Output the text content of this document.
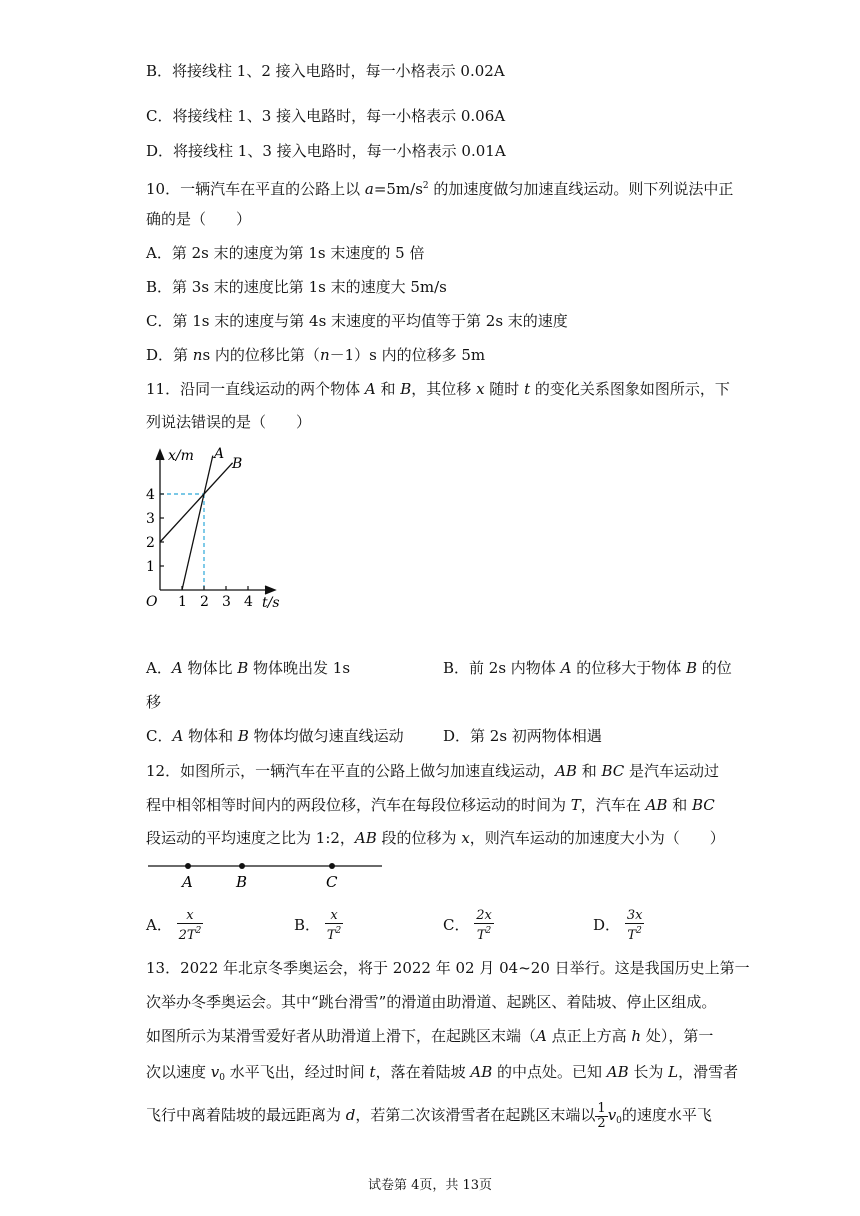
B．将接线柱 1、2 接入电路时，每一小格表示 0.02A
C．将接线柱 1、3 接入电路时，每一小格表示 0.06A
D．将接线柱 1、3 接入电路时，每一小格表示 0.01A
10．一辆汽车在平直的公路上以 $a=5m/s^2$ 的加速度做匀加速直线运动。则下列说法中正
确的是（　　）
A．第 2s 末的速度为第 1s 末速度的 5 倍
B．第 3s 末的速度比第 1s 末的速度大 5m/s
C．第 1s 末的速度与第 4s 末速度的平均值等于第 2s 末的速度
D．第 ns 内的位移比第（n－1）s 内的位移多 5m
11．沿同一直线运动的两个物体 A 和 B，其位移 x 随时 t 的变化关系图象如图所示，下
列说法错误的是（　　）
1
2
3
4
1 2 3 4
x/m
t/s
O
A
B
A．A 物体比 B 物体晚出发 1s	B．前 2s 内物体 A 的位移大于物体 B 的位
移
C．A 物体和 B 物体均做匀速直线运动	D．第 2s 初两物体相遇
12．如图所示，一辆汽车在平直的公路上做匀加速直线运动，AB 和 BC 是汽车运动过
程中相邻相等时间内的两段位移，汽车在每段位移运动的时间为 T，汽车在 AB 和 BC
段运动的平均速度之比为 1:2，AB 段的位移为 x，则汽车运动的加速度大小为（　　）
A	B	C
A． $\frac{x}{2T^2}$	B． $\frac{x}{T^2}$	C． $\frac{2x}{T^2}$	D． $\frac{3x}{T^2}$
13．2022 年北京冬季奥运会，将于 2022 年 02 月 04~20 日举行。这是我国历史上第一
次举办冬季奥运会。其中“跳台滑雪”的滑道由助滑道、起跳区、着陆坡、停止区组成。
如图所示为某滑雪爱好者从助滑道上滑下，在起跳区末端（A 点正上方高 h 处），第一
次以速度 $v_0$ 水平飞出，经过时间 t，落在着陆坡 AB 的中点处。已知 AB 长为 L，滑雪者
飞行中离着陆坡的最远距离为 d，若第二次该滑雪者在起跳区末端以 $\frac{1}{2} v_0$的速度水平飞
试卷第 4页，共 13页
